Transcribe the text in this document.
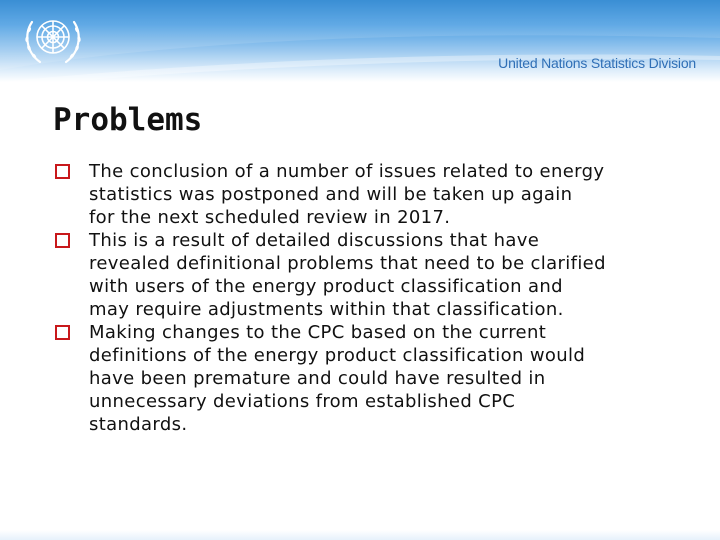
United Nations Statistics Division
Problems
The conclusion of a number of issues related to energy
statistics was postponed and will be taken up again
for the next scheduled review in 2017.
This is a result of detailed discussions that have
revealed definitional problems that need to be clarified
with users of the energy product classification and
may require adjustments within that classification.
Making changes to the CPC based on the current
definitions of the energy product classification would
have been premature and could have resulted in
unnecessary deviations from established CPC
standards.
